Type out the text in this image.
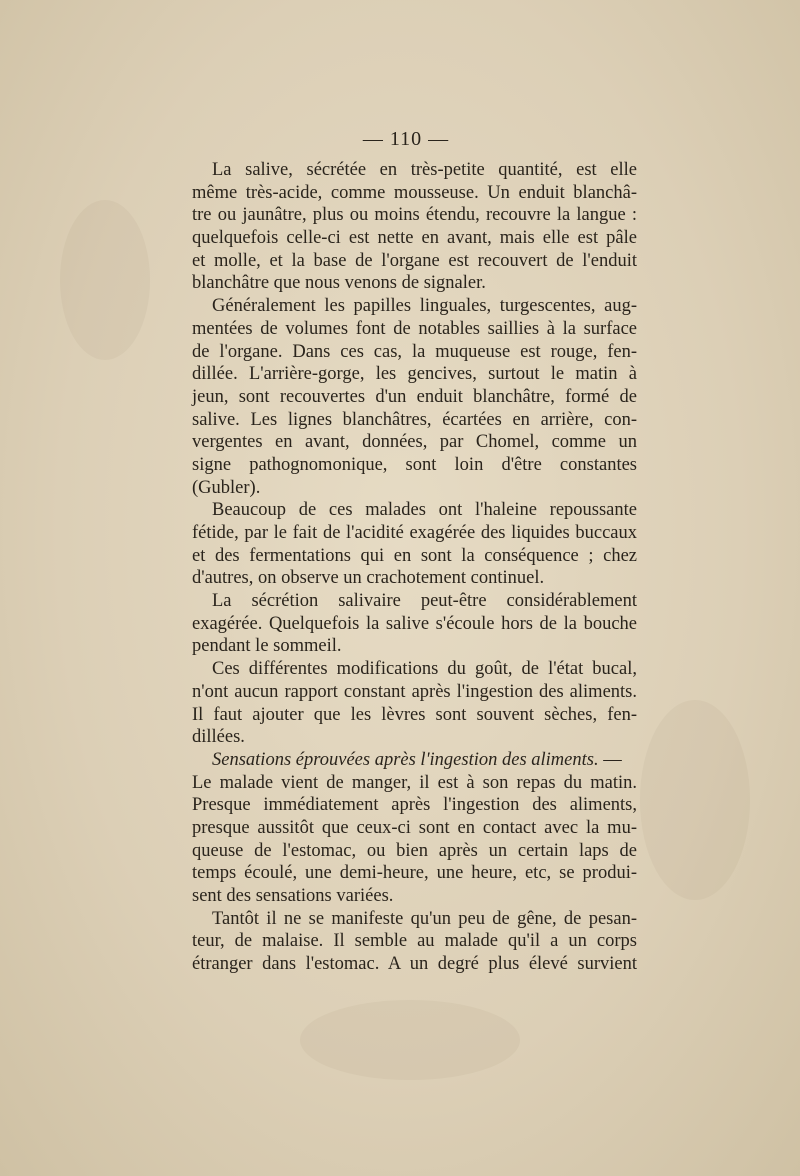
— 110 —
La salive, sécrétée en très-petite quantité, est elle
même très-acide, comme mousseuse. Un enduit blanchâ-
tre ou jaunâtre, plus ou moins étendu, recouvre la langue :
quelquefois celle-ci est nette en avant, mais elle est pâle
et molle, et la base de l'organe est recouvert de l'enduit
blanchâtre que nous venons de signaler.
Généralement les papilles linguales, turgescentes, aug-
mentées de volumes font de notables saillies à la surface
de l'organe. Dans ces cas, la muqueuse est rouge, fen-
dillée. L'arrière-gorge, les gencives, surtout le matin à
jeun, sont recouvertes d'un enduit blanchâtre, formé de
salive. Les lignes blanchâtres, écartées en arrière, con-
vergentes en avant, données, par Chomel, comme un
signe pathognomonique, sont loin d'être constantes
(Gubler).
Beaucoup de ces malades ont l'haleine repoussante
fétide, par le fait de l'acidité exagérée des liquides buccaux
et des fermentations qui en sont la conséquence ; chez
d'autres, on observe un crachotement continuel.
La sécrétion salivaire peut-être considérablement
exagérée. Quelquefois la salive s'écoule hors de la bouche
pendant le sommeil.
Ces différentes modifications du goût, de l'état bucal,
n'ont aucun rapport constant après l'ingestion des aliments.
Il faut ajouter que les lèvres sont souvent sèches, fen-
dillées.
Sensations éprouvées après l'ingestion des aliments. —
Le malade vient de manger, il est à son repas du matin.
Presque immédiatement après l'ingestion des aliments,
presque aussitôt que ceux-ci sont en contact avec la mu-
queuse de l'estomac, ou bien après un certain laps de
temps écoulé, une demi-heure, une heure, etc, se produi-
sent des sensations variées.
Tantôt il ne se manifeste qu'un peu de gêne, de pesan-
teur, de malaise. Il semble au malade qu'il a un corps
étranger dans l'estomac. A un degré plus élevé survient
